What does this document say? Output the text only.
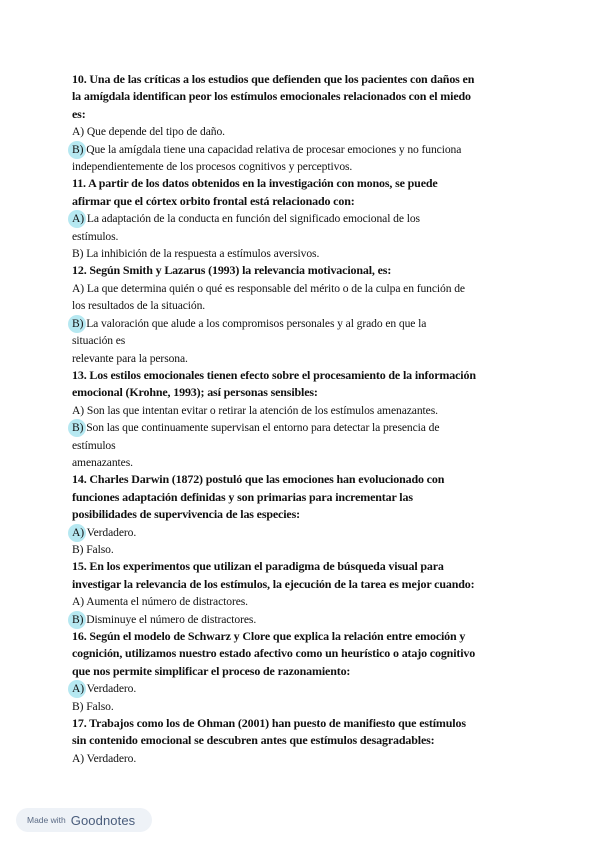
10. Una de las críticas a los estudios que defienden que los pacientes con daños en
la amígdala identifican peor los estímulos emocionales relacionados con el miedo
es:
A) Que depende del tipo de daño.
B) Que la amígdala tiene una capacidad relativa de procesar emociones y no funciona
independientemente de los procesos cognitivos y perceptivos.
11. A partir de los datos obtenidos en la investigación con monos, se puede
afirmar que el córtex orbito frontal está relacionado con:
A) La adaptación de la conducta en función del significado emocional de los
estímulos.
B) La inhibición de la respuesta a estímulos aversivos.
12. Según Smith y Lazarus (1993) la relevancia motivacional, es:
A) La que determina quién o qué es responsable del mérito o de la culpa en función de
los resultados de la situación.
B) La valoración que alude a los compromisos personales y al grado en que la
situación es
relevante para la persona.
13. Los estilos emocionales tienen efecto sobre el procesamiento de la información
emocional (Krohne, 1993); así personas sensibles:
A) Son las que intentan evitar o retirar la atención de los estímulos amenazantes.
B) Son las que continuamente supervisan el entorno para detectar la presencia de
estímulos
amenazantes.
14. Charles Darwin (1872) postuló que las emociones han evolucionado con
funciones adaptación definidas y son primarias para incrementar las
posibilidades de supervivencia de las especies:
A) Verdadero.
B) Falso.
15. En los experimentos que utilizan el paradigma de búsqueda visual para
investigar la relevancia de los estímulos, la ejecución de la tarea es mejor cuando:
A) Aumenta el número de distractores.
B) Disminuye el número de distractores.
16. Según el modelo de Schwarz y Clore que explica la relación entre emoción y
cognición, utilizamos nuestro estado afectivo como un heurístico o atajo cognitivo
que nos permite simplificar el proceso de razonamiento:
A) Verdadero.
B) Falso.
17. Trabajos como los de Ohman (2001) han puesto de manifiesto que estímulos
sin contenido emocional se descubren antes que estímulos desagradables:
A) Verdadero.
Made with Goodnotes
